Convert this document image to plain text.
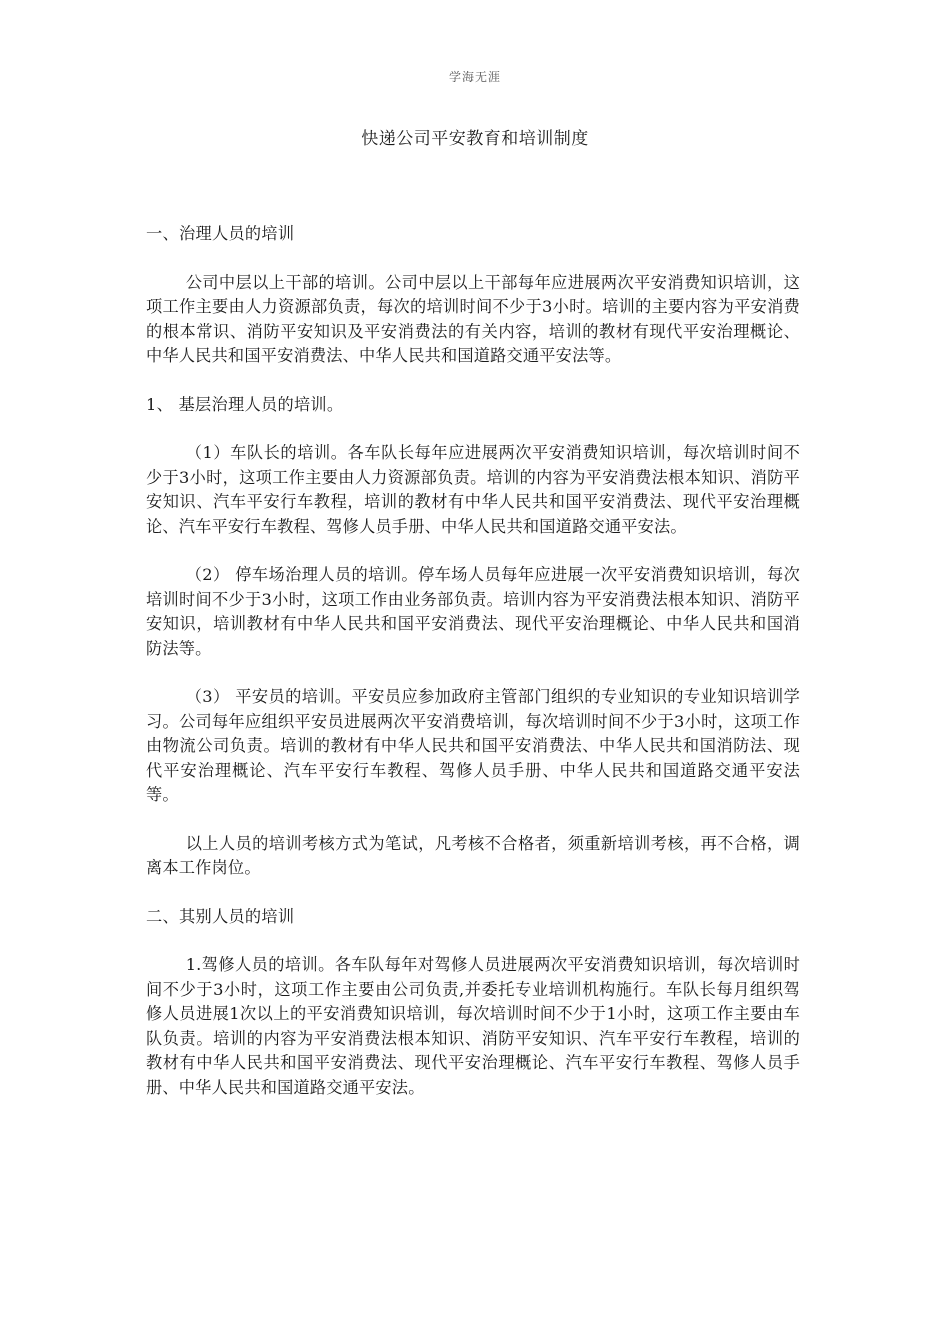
学海无涯
快递公司平安教育和培训制度

一、治理人员的培训

公司中层以上干部的培训。公司中层以上干部每年应进展两次平安消费知识培训，这项工作主要由人力资源部负责，每次的培训时间不少于3小时。培训的主要内容为平安消费的根本常识、消防平安知识及平安消费法的有关内容，培训的教材有现代平安治理概论、中华人民共和国平安消费法、中华人民共和国道路交通平安法等。

1、 基层治理人员的培训。

（1）车队长的培训。各车队长每年应进展两次平安消费知识培训，每次培训时间不少于3小时，这项工作主要由人力资源部负责。培训的内容为平安消费法根本知识、消防平安知识、汽车平安行车教程，培训的教材有中华人民共和国平安消费法、现代平安治理概论、汽车平安行车教程、驾修人员手册、中华人民共和国道路交通平安法。

（2） 停车场治理人员的培训。停车场人员每年应进展一次平安消费知识培训，每次培训时间不少于3小时，这项工作由业务部负责。培训内容为平安消费法根本知识、消防平安知识，培训教材有中华人民共和国平安消费法、现代平安治理概论、中华人民共和国消防法等。

（3） 平安员的培训。平安员应参加政府主管部门组织的专业知识的专业知识培训学习。公司每年应组织平安员进展两次平安消费培训，每次培训时间不少于3小时，这项工作由物流公司负责。培训的教材有中华人民共和国平安消费法、中华人民共和国消防法、现代平安治理概论、汽车平安行车教程、驾修人员手册、中华人民共和国道路交通平安法等。

以上人员的培训考核方式为笔试，凡考核不合格者，须重新培训考核，再不合格，调离本工作岗位。

二、其别人员的培训

1.驾修人员的培训。各车队每年对驾修人员进展两次平安消费知识培训，每次培训时间不少于3小时，这项工作主要由公司负责,并委托专业培训机构施行。车队长每月组织驾修人员进展1次以上的平安消费知识培训，每次培训时间不少于1小时，这项工作主要由车队负责。培训的内容为平安消费法根本知识、消防平安知识、汽车平安行车教程，培训的教材有中华人民共和国平安消费法、现代平安治理概论、汽车平安行车教程、驾修人员手册、中华人民共和国道路交通平安法。
